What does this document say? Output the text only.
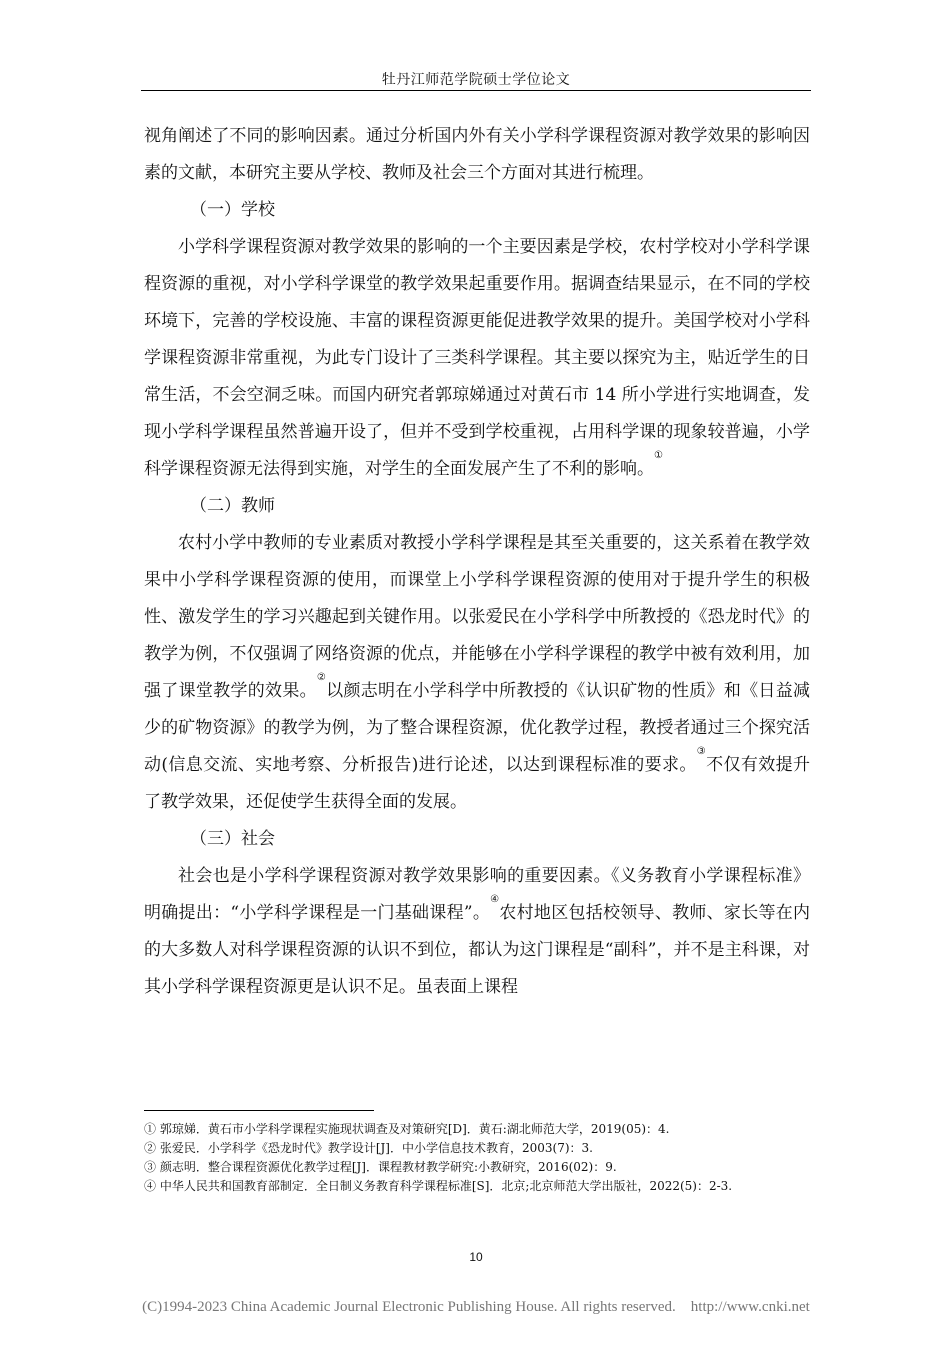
牡丹江师范学院硕士学位论文

视角阐述了不同的影响因素。通过分析国内外有关小学科学课程资源对教学效果的影响因素的文献，本研究主要从学校、教师及社会三个方面对其进行梳理。

（一）学校

小学科学课程资源对教学效果的影响的一个主要因素是学校，农村学校对小学科学课程资源的重视，对小学科学课堂的教学效果起重要作用。据调查结果显示，在不同的学校环境下，完善的学校设施、丰富的课程资源更能促进教学效果的提升。美国学校对小学科学课程资源非常重视，为此专门设计了三类科学课程。其主要以探究为主，贴近学生的日常生活，不会空洞乏味。而国内研究者郭琼娣通过对黄石市 14 所小学进行实地调查，发现小学科学课程虽然普遍开设了，但并不受到学校重视，占用科学课的现象较普遍，小学科学课程资源无法得到实施，对学生的全面发展产生了不利的影响。①

（二）教师

农村小学中教师的专业素质对教授小学科学课程是其至关重要的，这关系着在教学效果中小学科学课程资源的使用，而课堂上小学科学课程资源的使用对于提升学生的积极性、激发学生的学习兴趣起到关键作用。以张爱民在小学科学中所教授的《恐龙时代》的教学为例，不仅强调了网络资源的优点，并能够在小学科学课程的教学中被有效利用，加强了课堂教学的效果。②以颜志明在小学科学中所教授的《认识矿物的性质》和《日益减少的矿物资源》的教学为例，为了整合课程资源，优化教学过程，教授者通过三个探究活动(信息交流、实地考察、分析报告)进行论述，以达到课程标准的要求。③不仅有效提升了教学效果，还促使学生获得全面的发展。

（三）社会

社会也是小学科学课程资源对教学效果影响的重要因素。《义务教育小学课程标准》明确提出：“小学科学课程是一门基础课程”。④农村地区包括校领导、教师、家长等在内的大多数人对科学课程资源的认识不到位，都认为这门课程是“副科”，并不是主科课，对其小学科学课程资源更是认识不足。虽表面上课程

① 郭琼娣．黄石市小学科学课程实施现状调查及对策研究[D]．黄石:湖北师范大学，2019(05)：4.

② 张爱民．小学科学《恐龙时代》教学设计[J]．中小学信息技术教育，2003(7)：3.

③ 颜志明．整合课程资源优化教学过程[J]．课程教材教学研究:小教研究，2016(02)：9.

④ 中华人民共和国教育部制定．全日制义务教育科学课程标准[S]．北京;北京师范大学出版社，2022(5)：2-3.

10
(C)1994-2023 China Academic Journal Electronic Publishing House. All rights reserved.    http://www.cnki.net
